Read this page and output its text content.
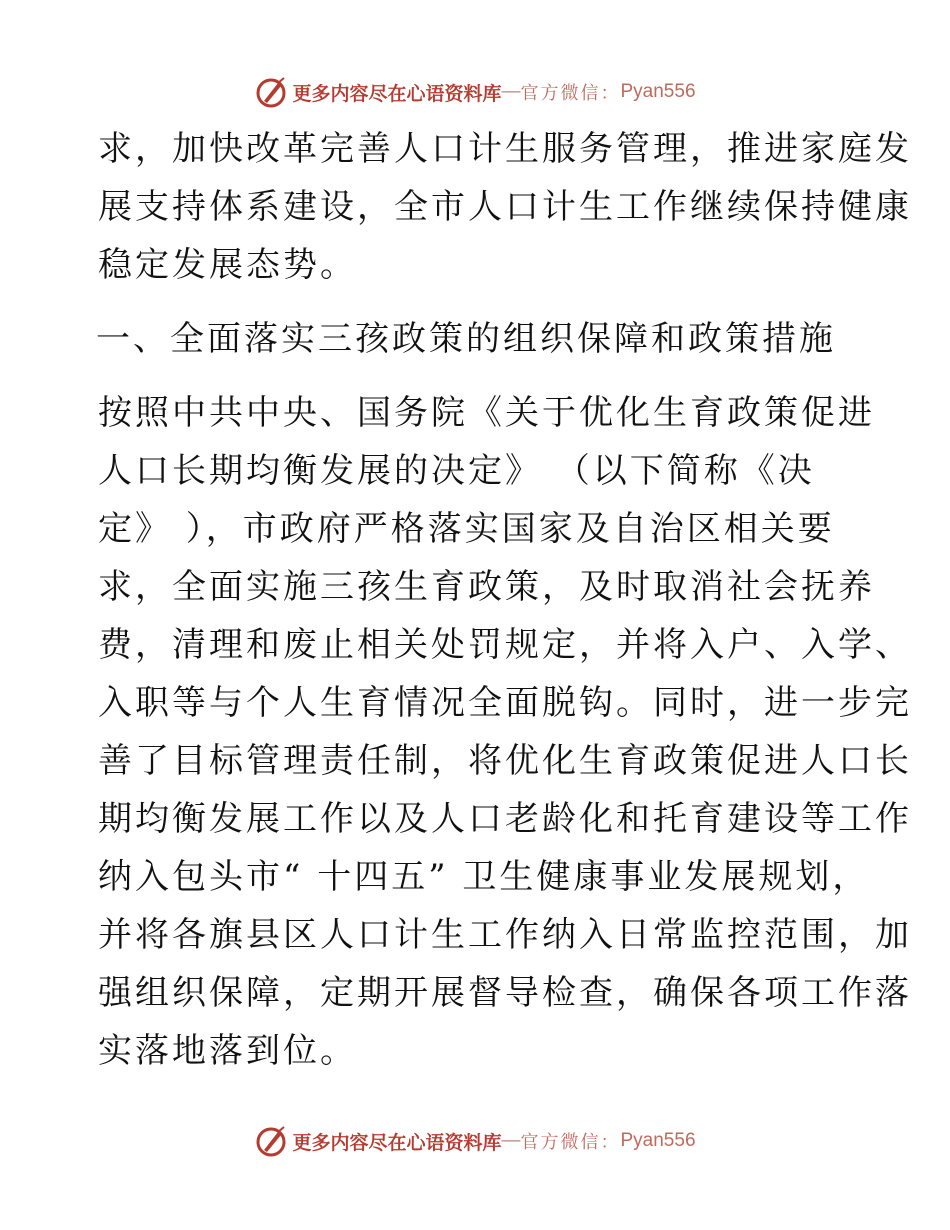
更多内容尽在心语资料库 — 官方微信： Pyan556
求，加快改革完善人口计生服务管理，推进家庭发
展支持体系建设，全市人口计生工作继续保持健康
稳定发展态势。
一、全面落实三孩政策的组织保障和政策措施
按照中共中央、国务院《关于优化生育政策促进
人口长期均衡发展的决定》 （以下简称《决
定》 ），市政府严格落实国家及自治区相关要
求，全面实施三孩生育政策，及时取消社会抚养
费，清理和废止相关处罚规定，并将入户、入学、
入职等与个人生育情况全面脱钩。同时，进一步完
善了目标管理责任制，将优化生育政策促进人口长
期均衡发展工作以及人口老龄化和托育建设等工作
纳入包头市“ 十四五” 卫生健康事业发展规划，
并将各旗县区人口计生工作纳入日常监控范围，加
强组织保障，定期开展督导检查，确保各项工作落
实落地落到位。
更多内容尽在心语资料库 — 官方微信： Pyan556
